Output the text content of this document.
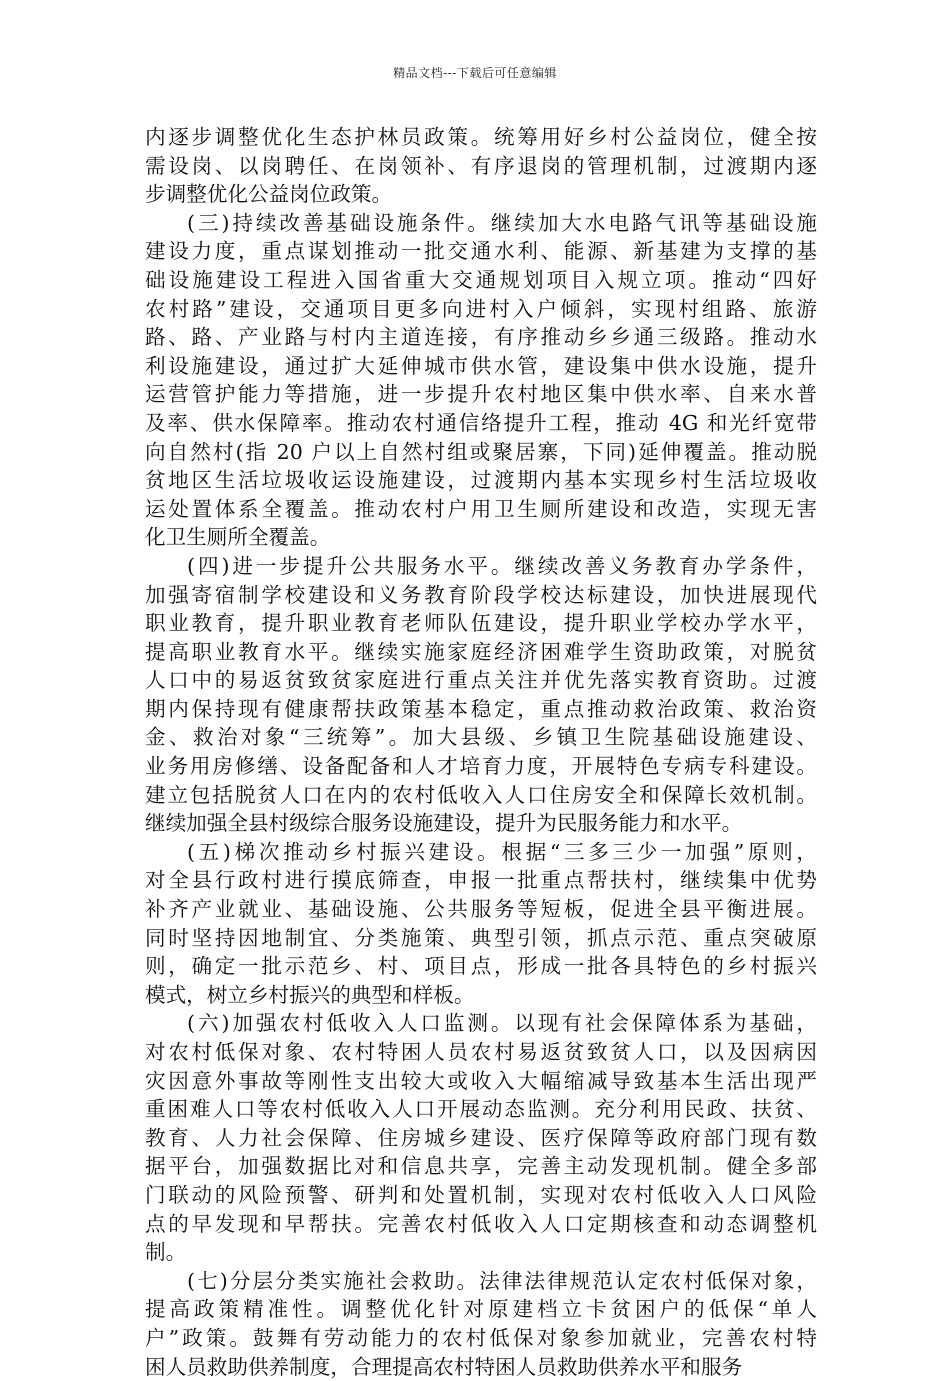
精品文档---下载后可任意编辑
内逐步调整优化生态护林员政策。统筹用好乡村公益岗位，健全按
需设岗、以岗聘任、在岗领补、有序退岗的管理机制，过渡期内逐
步调整优化公益岗位政策。
(三)持续改善基础设施条件。继续加大水电路气讯等基础设施
建设力度，重点谋划推动一批交通水利、能源、新基建为支撑的基
础设施建设工程进入国省重大交通规划项目入规立项。推动“四好
农村路”建设，交通项目更多向进村入户倾斜，实现村组路、旅游
路、路、产业路与村内主道连接，有序推动乡乡通三级路。推动水
利设施建设，通过扩大延伸城市供水管，建设集中供水设施，提升
运营管护能力等措施，进一步提升农村地区集中供水率、自来水普
及率、供水保障率。推动农村通信络提升工程，推动 4G 和光纤宽带
向自然村(指 20 户以上自然村组或聚居寨，下同)延伸覆盖。推动脱
贫地区生活垃圾收运设施建设，过渡期内基本实现乡村生活垃圾收
运处置体系全覆盖。推动农村户用卫生厕所建设和改造，实现无害
化卫生厕所全覆盖。
(四)进一步提升公共服务水平。继续改善义务教育办学条件，
加强寄宿制学校建设和义务教育阶段学校达标建设，加快进展现代
职业教育，提升职业教育老师队伍建设，提升职业学校办学水平，
提高职业教育水平。继续实施家庭经济困难学生资助政策，对脱贫
人口中的易返贫致贫家庭进行重点关注并优先落实教育资助。过渡
期内保持现有健康帮扶政策基本稳定，重点推动救治政策、救治资
金、救治对象“三统筹”。加大县级、乡镇卫生院基础设施建设、
业务用房修缮、设备配备和人才培育力度，开展特色专病专科建设。
建立包括脱贫人口在内的农村低收入人口住房安全和保障长效机制。
继续加强全县村级综合服务设施建设，提升为民服务能力和水平。
(五)梯次推动乡村振兴建设。根据“三多三少一加强”原则，
对全县行政村进行摸底筛查，申报一批重点帮扶村，继续集中优势
补齐产业就业、基础设施、公共服务等短板，促进全县平衡进展。
同时坚持因地制宜、分类施策、典型引领，抓点示范、重点突破原
则，确定一批示范乡、村、项目点，形成一批各具特色的乡村振兴
模式，树立乡村振兴的典型和样板。
(六)加强农村低收入人口监测。以现有社会保障体系为基础，
对农村低保对象、农村特困人员农村易返贫致贫人口，以及因病因
灾因意外事故等刚性支出较大或收入大幅缩减导致基本生活出现严
重困难人口等农村低收入人口开展动态监测。充分利用民政、扶贫、
教育、人力社会保障、住房城乡建设、医疗保障等政府部门现有数
据平台，加强数据比对和信息共享，完善主动发现机制。健全多部
门联动的风险预警、研判和处置机制，实现对农村低收入人口风险
点的早发现和早帮扶。完善农村低收入人口定期核查和动态调整机
制。
(七)分层分类实施社会救助。法律法律规范认定农村低保对象，
提高政策精准性。调整优化针对原建档立卡贫困户的低保“单人
户”政策。鼓舞有劳动能力的农村低保对象参加就业，完善农村特
困人员救助供养制度，合理提高农村特困人员救助供养水平和服务
